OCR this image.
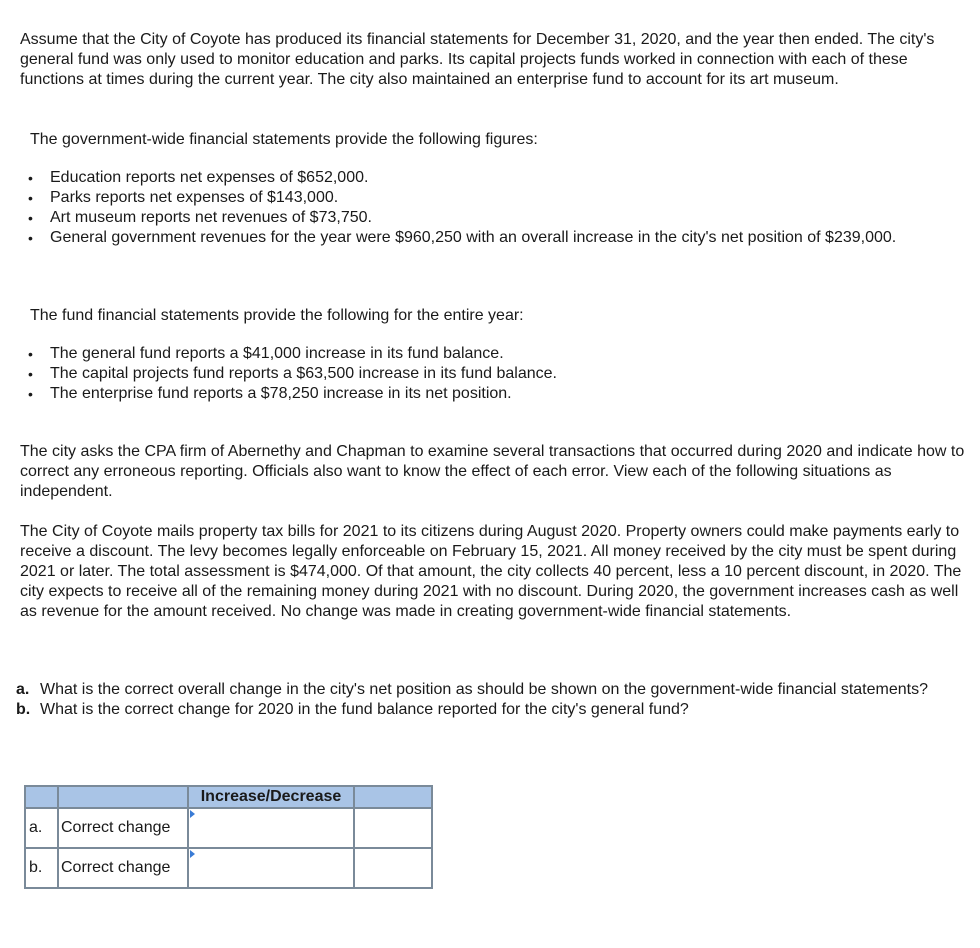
Assume that the City of Coyote has produced its financial statements for December 31, 2020, and the year then ended. The city's general fund was only used to monitor education and parks. Its capital projects funds worked in connection with each of these functions at times during the current year. The city also maintained an enterprise fund to account for its art museum.

The government-wide financial statements provide the following figures:

• Education reports net expenses of $652,000.
• Parks reports net expenses of $143,000.
• Art museum reports net revenues of $73,750.
• General government revenues for the year were $960,250 with an overall increase in the city's net position of $239,000.

The fund financial statements provide the following for the entire year:

• The general fund reports a $41,000 increase in its fund balance.
• The capital projects fund reports a $63,500 increase in its fund balance.
• The enterprise fund reports a $78,250 increase in its net position.

The city asks the CPA firm of Abernethy and Chapman to examine several transactions that occurred during 2020 and indicate how to correct any erroneous reporting. Officials also want to know the effect of each error. View each of the following situations as independent.

The City of Coyote mails property tax bills for 2021 to its citizens during August 2020. Property owners could make payments early to receive a discount. The levy becomes legally enforceable on February 15, 2021. All money received by the city must be spent during 2021 or later. The total assessment is $474,000. Of that amount, the city collects 40 percent, less a 10 percent discount, in 2020. The city expects to receive all of the remaining money during 2021 with no discount. During 2020, the government increases cash as well as revenue for the amount received. No change was made in creating government-wide financial statements.

a. What is the correct overall change in the city's net position as should be shown on the government-wide financial statements?
b. What is the correct change for 2020 in the fund balance reported for the city's general fund?
		Increase/Decrease	
a.	Correct change		
b.	Correct change		
